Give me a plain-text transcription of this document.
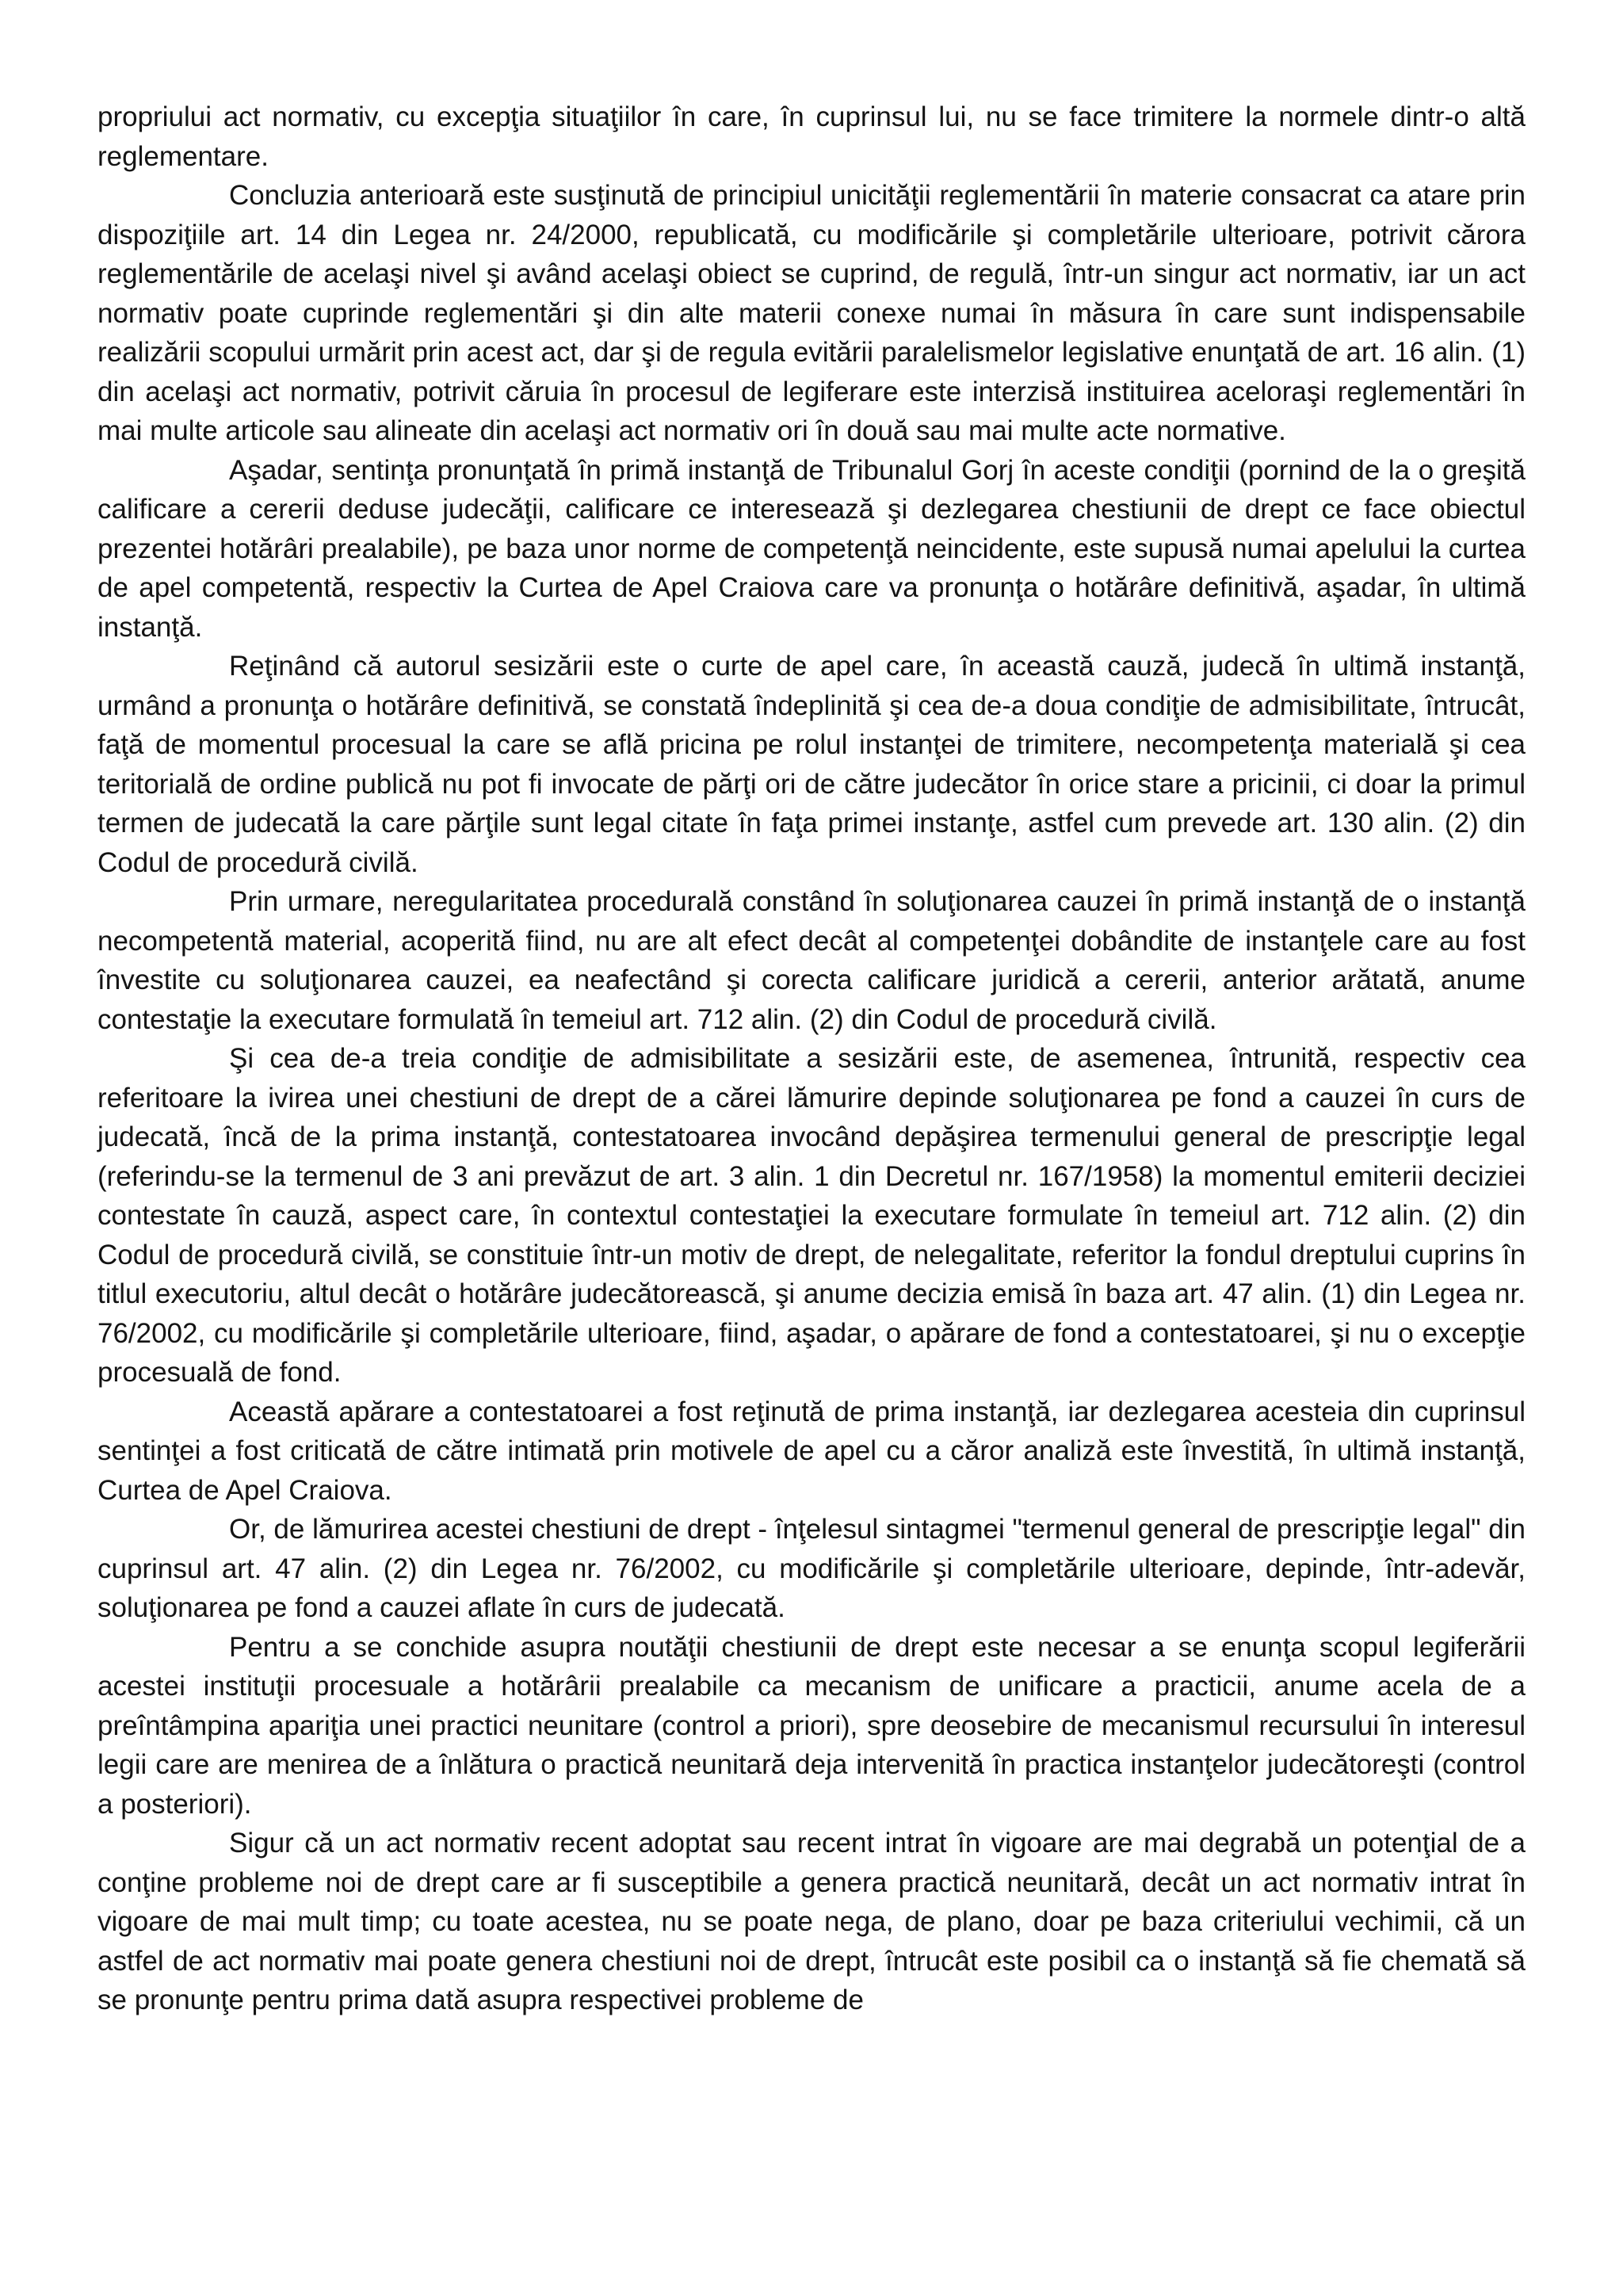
propriului act normativ, cu excepţia situaţiilor în care, în cuprinsul lui, nu se face trimitere la normele dintr-o altă reglementare.

Concluzia anterioară este susţinută de principiul unicităţii reglementării în materie consacrat ca atare prin dispoziţiile art. 14 din Legea nr. 24/2000, republicată, cu modificările şi completările ulterioare, potrivit cărora reglementările de acelaşi nivel şi având acelaşi obiect se cuprind, de regulă, într-un singur act normativ, iar un act normativ poate cuprinde reglementări şi din alte materii conexe numai în măsura în care sunt indispensabile realizării scopului urmărit prin acest act, dar şi de regula evitării paralelismelor legislative enunţată de art. 16 alin. (1) din acelaşi act normativ, potrivit căruia în procesul de legiferare este interzisă instituirea aceloraşi reglementări în mai multe articole sau alineate din acelaşi act normativ ori în două sau mai multe acte normative.

Aşadar, sentinţa pronunţată în primă instanţă de Tribunalul Gorj în aceste condiţii (pornind de la o greşită calificare a cererii deduse judecăţii, calificare ce interesează şi dezlegarea chestiunii de drept ce face obiectul prezentei hotărâri prealabile), pe baza unor norme de competenţă neincidente, este supusă numai apelului la curtea de apel competentă, respectiv la Curtea de Apel Craiova care va pronunţa o hotărâre definitivă, aşadar, în ultimă instanţă.

Reţinând că autorul sesizării este o curte de apel care, în această cauză, judecă în ultimă instanţă, urmând a pronunţa o hotărâre definitivă, se constată îndeplinită şi cea de-a doua condiţie de admisibilitate, întrucât, faţă de momentul procesual la care se află pricina pe rolul instanţei de trimitere, necompetenţa materială şi cea teritorială de ordine publică nu pot fi invocate de părţi ori de către judecător în orice stare a pricinii, ci doar la primul termen de judecată la care părţile sunt legal citate în faţa primei instanţe, astfel cum prevede art. 130 alin. (2) din Codul de procedură civilă.

Prin urmare, neregularitatea procedurală constând în soluţionarea cauzei în primă instanţă de o instanţă necompetentă material, acoperită fiind, nu are alt efect decât al competenţei dobândite de instanţele care au fost învestite cu soluţionarea cauzei, ea neafectând şi corecta calificare juridică a cererii, anterior arătată, anume contestaţie la executare formulată în temeiul art. 712 alin. (2) din Codul de procedură civilă.

Şi cea de-a treia condiţie de admisibilitate a sesizării este, de asemenea, întrunită, respectiv cea referitoare la ivirea unei chestiuni de drept de a cărei lămurire depinde soluţionarea pe fond a cauzei în curs de judecată, încă de la prima instanţă, contestatoarea invocând depăşirea termenului general de prescripţie legal (referindu-se la termenul de 3 ani prevăzut de art. 3 alin. 1 din Decretul nr. 167/1958) la momentul emiterii deciziei contestate în cauză, aspect care, în contextul contestaţiei la executare formulate în temeiul art. 712 alin. (2) din Codul de procedură civilă, se constituie într-un motiv de drept, de nelegalitate, referitor la fondul dreptului cuprins în titlul executoriu, altul decât o hotărâre judecătorească, şi anume decizia emisă în baza art. 47 alin. (1) din Legea nr. 76/2002, cu modificările şi completările ulterioare, fiind, aşadar, o apărare de fond a contestatoarei, şi nu o excepţie procesuală de fond.

Această apărare a contestatoarei a fost reţinută de prima instanţă, iar dezlegarea acesteia din cuprinsul sentinţei a fost criticată de către intimată prin motivele de apel cu a căror analiză este învestită, în ultimă instanţă, Curtea de Apel Craiova.

Or, de lămurirea acestei chestiuni de drept - înţelesul sintagmei "termenul general de prescripţie legal" din cuprinsul art. 47 alin. (2) din Legea nr. 76/2002, cu modificările şi completările ulterioare, depinde, într-adevăr, soluţionarea pe fond a cauzei aflate în curs de judecată.

Pentru a se conchide asupra noutăţii chestiunii de drept este necesar a se enunţa scopul legiferării acestei instituţii procesuale a hotărârii prealabile ca mecanism de unificare a practicii, anume acela de a preîntâmpina apariţia unei practici neunitare (control a priori), spre deosebire de mecanismul recursului în interesul legii care are menirea de a înlătura o practică neunitară deja intervenită în practica instanţelor judecătoreşti (control a posteriori).

Sigur că un act normativ recent adoptat sau recent intrat în vigoare are mai degrabă un potenţial de a conţine probleme noi de drept care ar fi susceptibile a genera practică neunitară, decât un act normativ intrat în vigoare de mai mult timp; cu toate acestea, nu se poate nega, de plano, doar pe baza criteriului vechimii, că un astfel de act normativ mai poate genera chestiuni noi de drept, întrucât este posibil ca o instanţă să fie chemată să se pronunţe pentru prima dată asupra respectivei probleme de
